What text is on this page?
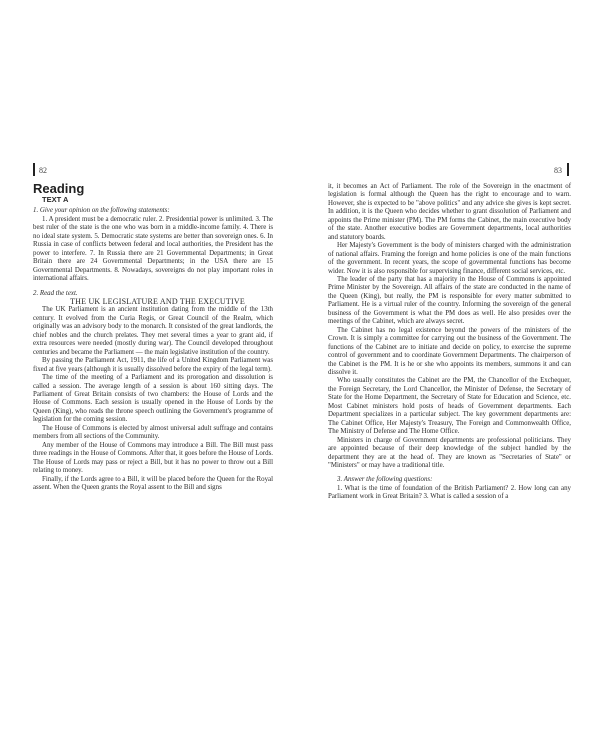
82
Reading

TEXT A

1. Give your opinion on the following statements:

1. A president must be a democratic ruler. 2. Presidential power is unlimited. 3. The best ruler of the state is the one who was born in a middle-income family. 4. There is no ideal state system. 5. Democratic state systems are better than sovereign ones. 6. In Russia in case of conflicts between federal and local authorities, the President has the power to interfere. 7. In Russia there are 21 Governmental Departments; in Great Britain there are 24 Governmental Departments; in the USA there are 15 Governmental Departments. 8. Nowadays, sovereigns do not play important roles in international affairs.

2. Read the text.

THE UK LEGISLATURE AND THE EXECUTIVE

The UK Parliament is an ancient institution dating from the middle of the 13th century. It evolved from the Curia Regis, or Great Council of the Realm, which originally was an advisory body to the monarch. It consisted of the great landlords, the chief nobles and the church prelates. They met several times a year to grant aid, if extra resources were needed (mostly during war). The Council developed throughout centuries and became the Parliament — the main legislative institution of the country.

By passing the Parliament Act, 1911, the life of a United Kingdom Parliament was fixed at five years (although it is usually dissolved before the expiry of the legal term).

The time of the meeting of a Parliament and its prorogation and dissolution is called a session. The average length of a session is about 160 sitting days. The Parliament of Great Britain consists of two chambers: the House of Lords and the House of Commons. Each session is usually opened in the House of Lords by the Queen (King), who reads the throne speech outlining the Government's programme of legislation for the coming session.

The House of Commons is elected by almost universal adult suffrage and contains members from all sections of the Community.

Any member of the House of Commons may introduce a Bill. The Bill must pass three readings in the House of Commons. After that, it goes before the House of Lords. The House of Lords may pass or reject a Bill, but it has no power to throw out a Bill relating to money.

Finally, if the Lords agree to a Bill, it will be placed before the Queen for the Royal assent. When the Queen grants the Royal assent to the Bill and signs

83

it, it becomes an Act of Parliament. The role of the Sovereign in the enactment of legislation is formal although the Queen has the right to encourage and to warn. However, she is expected to be "above politics" and any advice she gives is kept secret. In addition, it is the Queen who decides whether to grant dissolution of Parliament and appoints the Prime minister (PM). The PM forms the Cabinet, the main executive body of the state. Another executive bodies are Government departments, local authorities and statutory boards.

Her Majesty's Government is the body of ministers charged with the administration of national affairs. Framing the foreign and home policies is one of the main functions of the government. In recent years, the scope of governmental functions has become wider. Now it is also responsible for supervising finance, different social services, etc.

The leader of the party that has a majority in the House of Commons is appointed Prime Minister by the Sovereign. All affairs of the state are conducted in the name of the Queen (King), but really, the PM is responsible for every matter submitted to Parliament. He is a virtual ruler of the country. Informing the sovereign of the general business of the Government is what the PM does as well. He also presides over the meetings of the Cabinet, which are always secret.

The Cabinet has no legal existence beyond the powers of the ministers of the Crown. It is simply a committee for carrying out the business of the Government. The functions of the Cabinet are to initiate and decide on policy, to exercise the supreme control of government and to coordinate Government Departments. The chairperson of the Cabinet is the PM. It is he or she who appoints its members, summons it and can dissolve it.

Who usually constitutes the Cabinet are the PM, the Chancellor of the Exchequer, the Foreign Secretary, the Lord Chancellor, the Minister of Defense, the Secretary of State for the Home Department, the Secretary of State for Education and Science, etc. Most Cabinet ministers hold posts of heads of Government departments. Each Department specializes in a particular subject. The key government departments are: The Cabinet Office, Her Majesty's Treasury, The Foreign and Commonwealth Office, The Ministry of Defense and The Home Office.

Ministers in charge of Government departments are professional politicians. They are appointed because of their deep knowledge of the subject handled by the department they are at the head of. They are known as "Secretaries of State" or "Ministers" or may have a traditional title.

3. Answer the following questions:

1. What is the time of foundation of the British Parliament? 2. How long can any Parliament work in Great Britain? 3. What is called a session of a
